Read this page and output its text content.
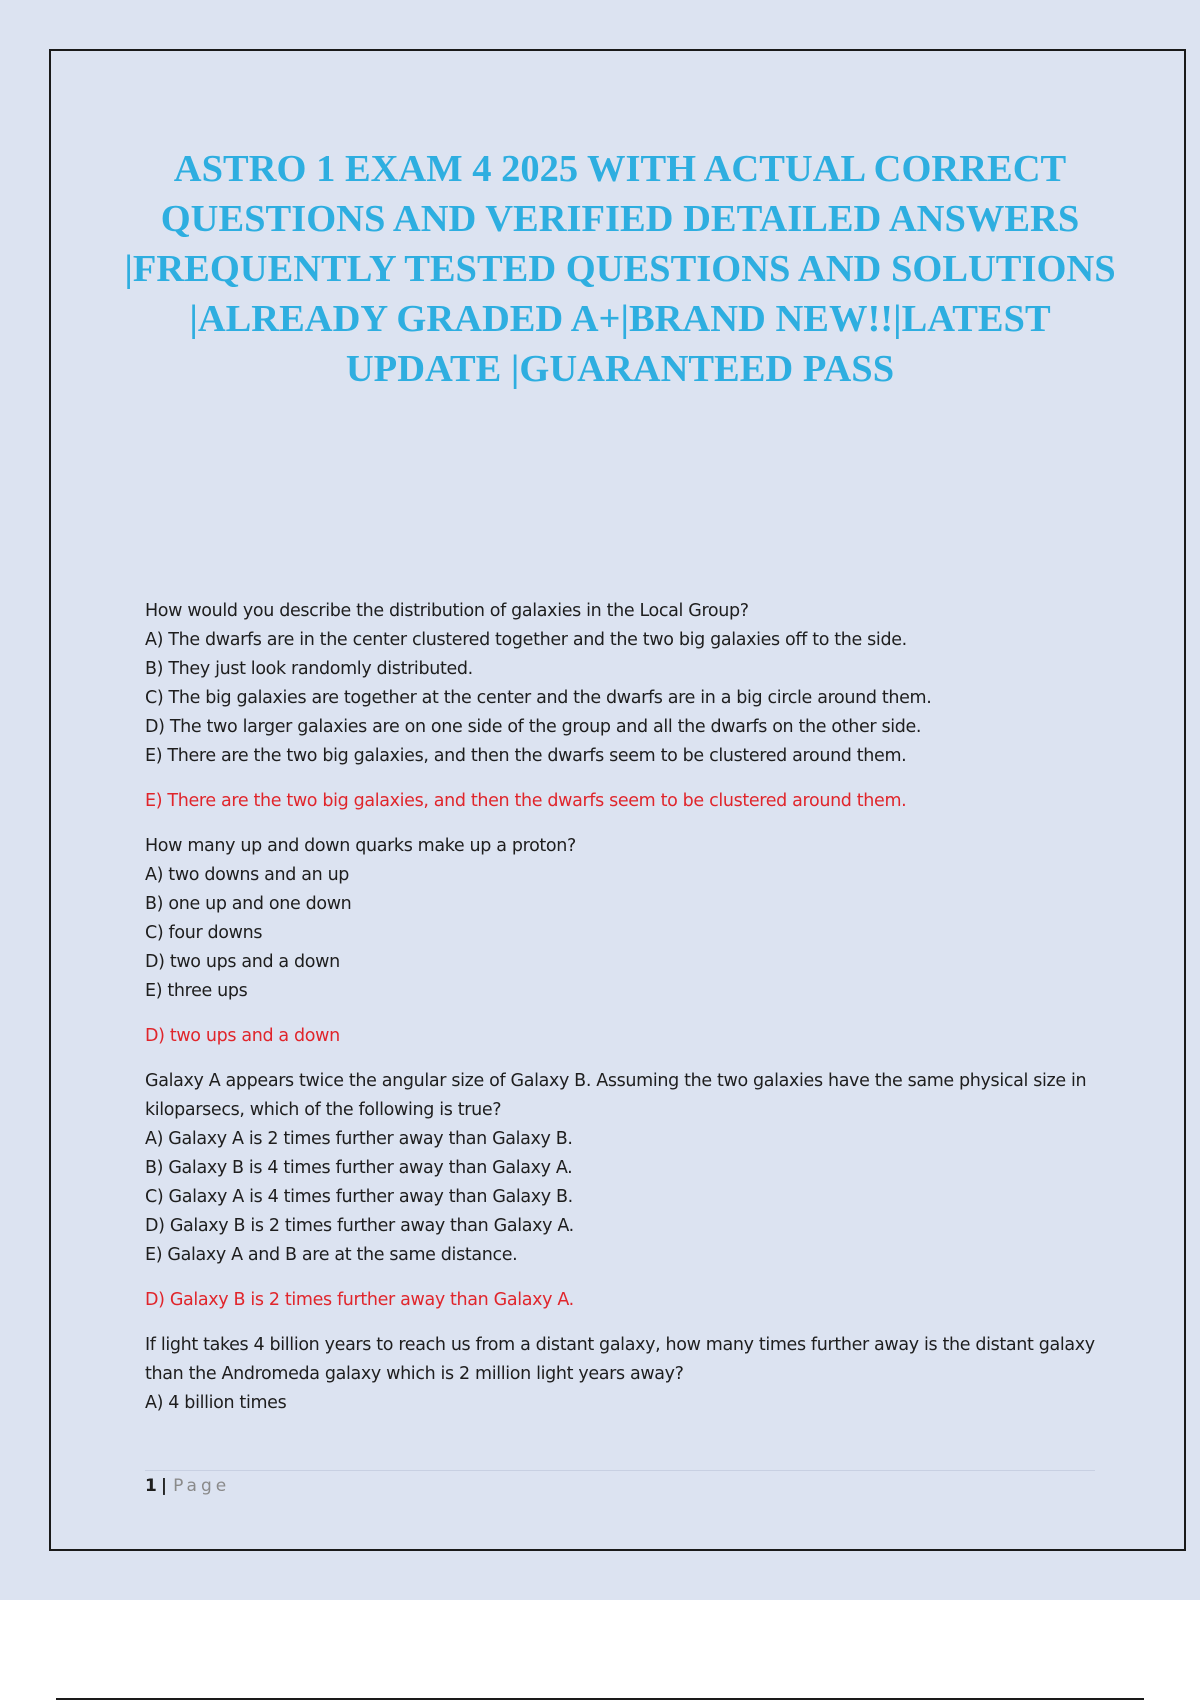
ASTRO 1 EXAM 4 2025 WITH ACTUAL CORRECT QUESTIONS AND VERIFIED DETAILED ANSWERS |FREQUENTLY TESTED QUESTIONS AND SOLUTIONS |ALREADY GRADED A+|BRAND NEW!!|LATEST UPDATE |GUARANTEED PASS
How would you describe the distribution of galaxies in the Local Group?
A) The dwarfs are in the center clustered together and the two big galaxies off to the side.
B) They just look randomly distributed.
C) The big galaxies are together at the center and the dwarfs are in a big circle around them.
D) The two larger galaxies are on one side of the group and all the dwarfs on the other side.
E) There are the two big galaxies, and then the dwarfs seem to be clustered around them.
E) There are the two big galaxies, and then the dwarfs seem to be clustered around them.
How many up and down quarks make up a proton?
A) two downs and an up
B) one up and one down
C) four downs
D) two ups and a down
E) three ups
D) two ups and a down
Galaxy A appears twice the angular size of Galaxy B. Assuming the two galaxies have the same physical size in kiloparsecs, which of the following is true?
A) Galaxy A is 2 times further away than Galaxy B.
B) Galaxy B is 4 times further away than Galaxy A.
C) Galaxy A is 4 times further away than Galaxy B.
D) Galaxy B is 2 times further away than Galaxy A.
E) Galaxy A and B are at the same distance.
D) Galaxy B is 2 times further away than Galaxy A.
If light takes 4 billion years to reach us from a distant galaxy, how many times further away is the distant galaxy than the Andromeda galaxy which is 2 million light years away?
A) 4 billion times
1 | Page
